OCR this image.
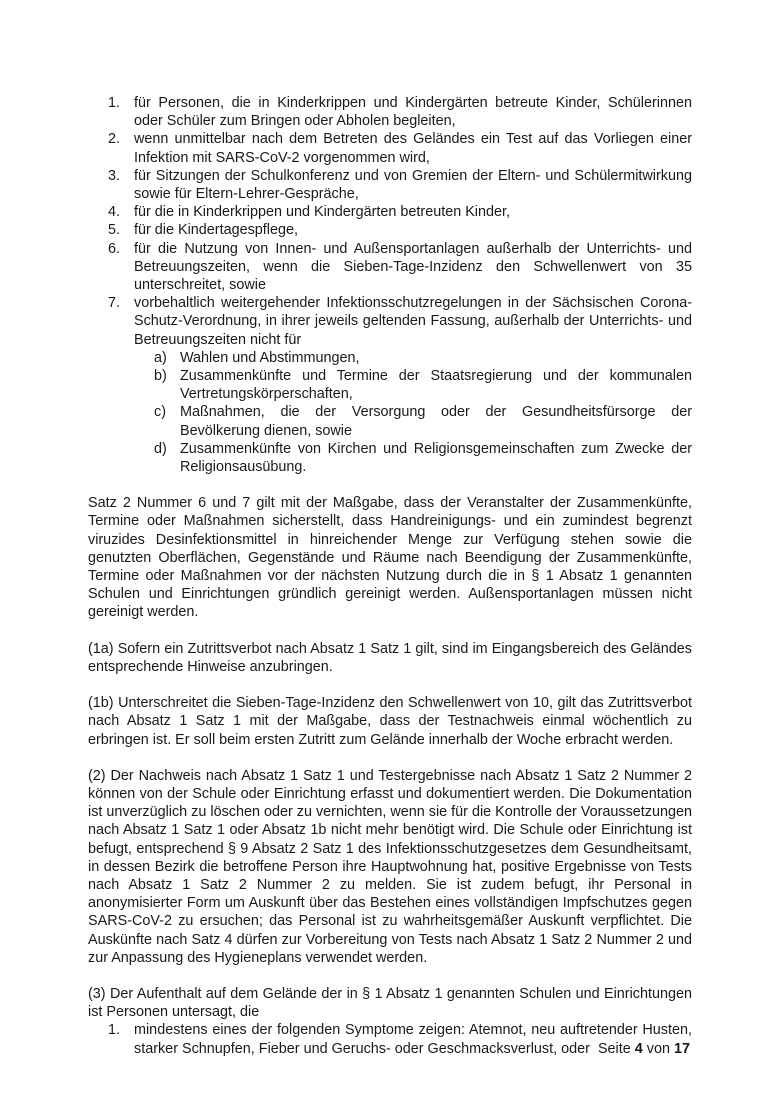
1. für Personen, die in Kinderkrippen und Kindergärten betreute Kinder, Schülerinnen oder Schüler zum Bringen oder Abholen begleiten,
2. wenn unmittelbar nach dem Betreten des Geländes ein Test auf das Vorliegen einer Infektion mit SARS-CoV-2 vorgenommen wird,
3. für Sitzungen der Schulkonferenz und von Gremien der Eltern- und Schülermitwirkung sowie für Eltern-Lehrer-Gespräche,
4. für die in Kinderkrippen und Kindergärten betreuten Kinder,
5. für die Kindertagespflege,
6. für die Nutzung von Innen- und Außensportanlagen außerhalb der Unterrichts- und Betreuungszeiten, wenn die Sieben-Tage-Inzidenz den Schwellenwert von 35 unterschreitet, sowie
7. vorbehaltlich weitergehender Infektionsschutzregelungen in der Sächsischen Corona-Schutz-Verordnung, in ihrer jeweils geltenden Fassung, außerhalb der Unterrichts- und Betreuungszeiten nicht für
a) Wahlen und Abstimmungen,
b) Zusammenkünfte und Termine der Staatsregierung und der kommunalen Vertretungskörperschaften,
c) Maßnahmen, die der Versorgung oder der Gesundheitsfürsorge der Bevölkerung dienen, sowie
d) Zusammenkünfte von Kirchen und Religionsgemeinschaften zum Zwecke der Religionsausübung.

Satz 2 Nummer 6 und 7 gilt mit der Maßgabe, dass der Veranstalter der Zusammenkünfte, Termine oder Maßnahmen sicherstellt, dass Handreinigungs- und ein zumindest begrenzt viruzides Desinfektionsmittel in hinreichender Menge zur Verfügung stehen sowie die genutzten Oberflächen, Gegenstände und Räume nach Beendigung der Zusammenkünfte, Termine oder Maßnahmen vor der nächsten Nutzung durch die in § 1 Absatz 1 genannten Schulen und Einrichtungen gründlich gereinigt werden. Außensportanlagen müssen nicht gereinigt werden.

(1a) Sofern ein Zutrittsverbot nach Absatz 1 Satz 1 gilt, sind im Eingangsbereich des Geländes entsprechende Hinweise anzubringen.

(1b) Unterschreitet die Sieben-Tage-Inzidenz den Schwellenwert von 10, gilt das Zutrittsverbot nach Absatz 1 Satz 1 mit der Maßgabe, dass der Testnachweis einmal wöchentlich zu erbringen ist. Er soll beim ersten Zutritt zum Gelände innerhalb der Woche erbracht werden.

(2) Der Nachweis nach Absatz 1 Satz 1 und Testergebnisse nach Absatz 1 Satz 2 Nummer 2 können von der Schule oder Einrichtung erfasst und dokumentiert werden. Die Dokumentation ist unverzüglich zu löschen oder zu vernichten, wenn sie für die Kontrolle der Voraussetzungen nach Absatz 1 Satz 1 oder Absatz 1b nicht mehr benötigt wird. Die Schule oder Einrichtung ist befugt, entsprechend § 9 Absatz 2 Satz 1 des Infektionsschutzgesetzes dem Gesundheitsamt, in dessen Bezirk die betroffene Person ihre Hauptwohnung hat, positive Ergebnisse von Tests nach Absatz 1 Satz 2 Nummer 2 zu melden. Sie ist zudem befugt, ihr Personal in anonymisierter Form um Auskunft über das Bestehen eines vollständigen Impfschutzes gegen SARS-CoV-2 zu ersuchen; das Personal ist zu wahrheitsgemäßer Auskunft verpflichtet. Die Auskünfte nach Satz 4 dürfen zur Vorbereitung von Tests nach Absatz 1 Satz 2 Nummer 2 und zur Anpassung des Hygieneplans verwendet werden.

(3) Der Aufenthalt auf dem Gelände der in § 1 Absatz 1 genannten Schulen und Einrichtungen ist Personen untersagt, die

1. mindestens eines der folgenden Symptome zeigen: Atemnot, neu auftretender Husten, starker Schnupfen, Fieber und Geruchs- oder Geschmacksverlust, oder Seite 4 von 17
